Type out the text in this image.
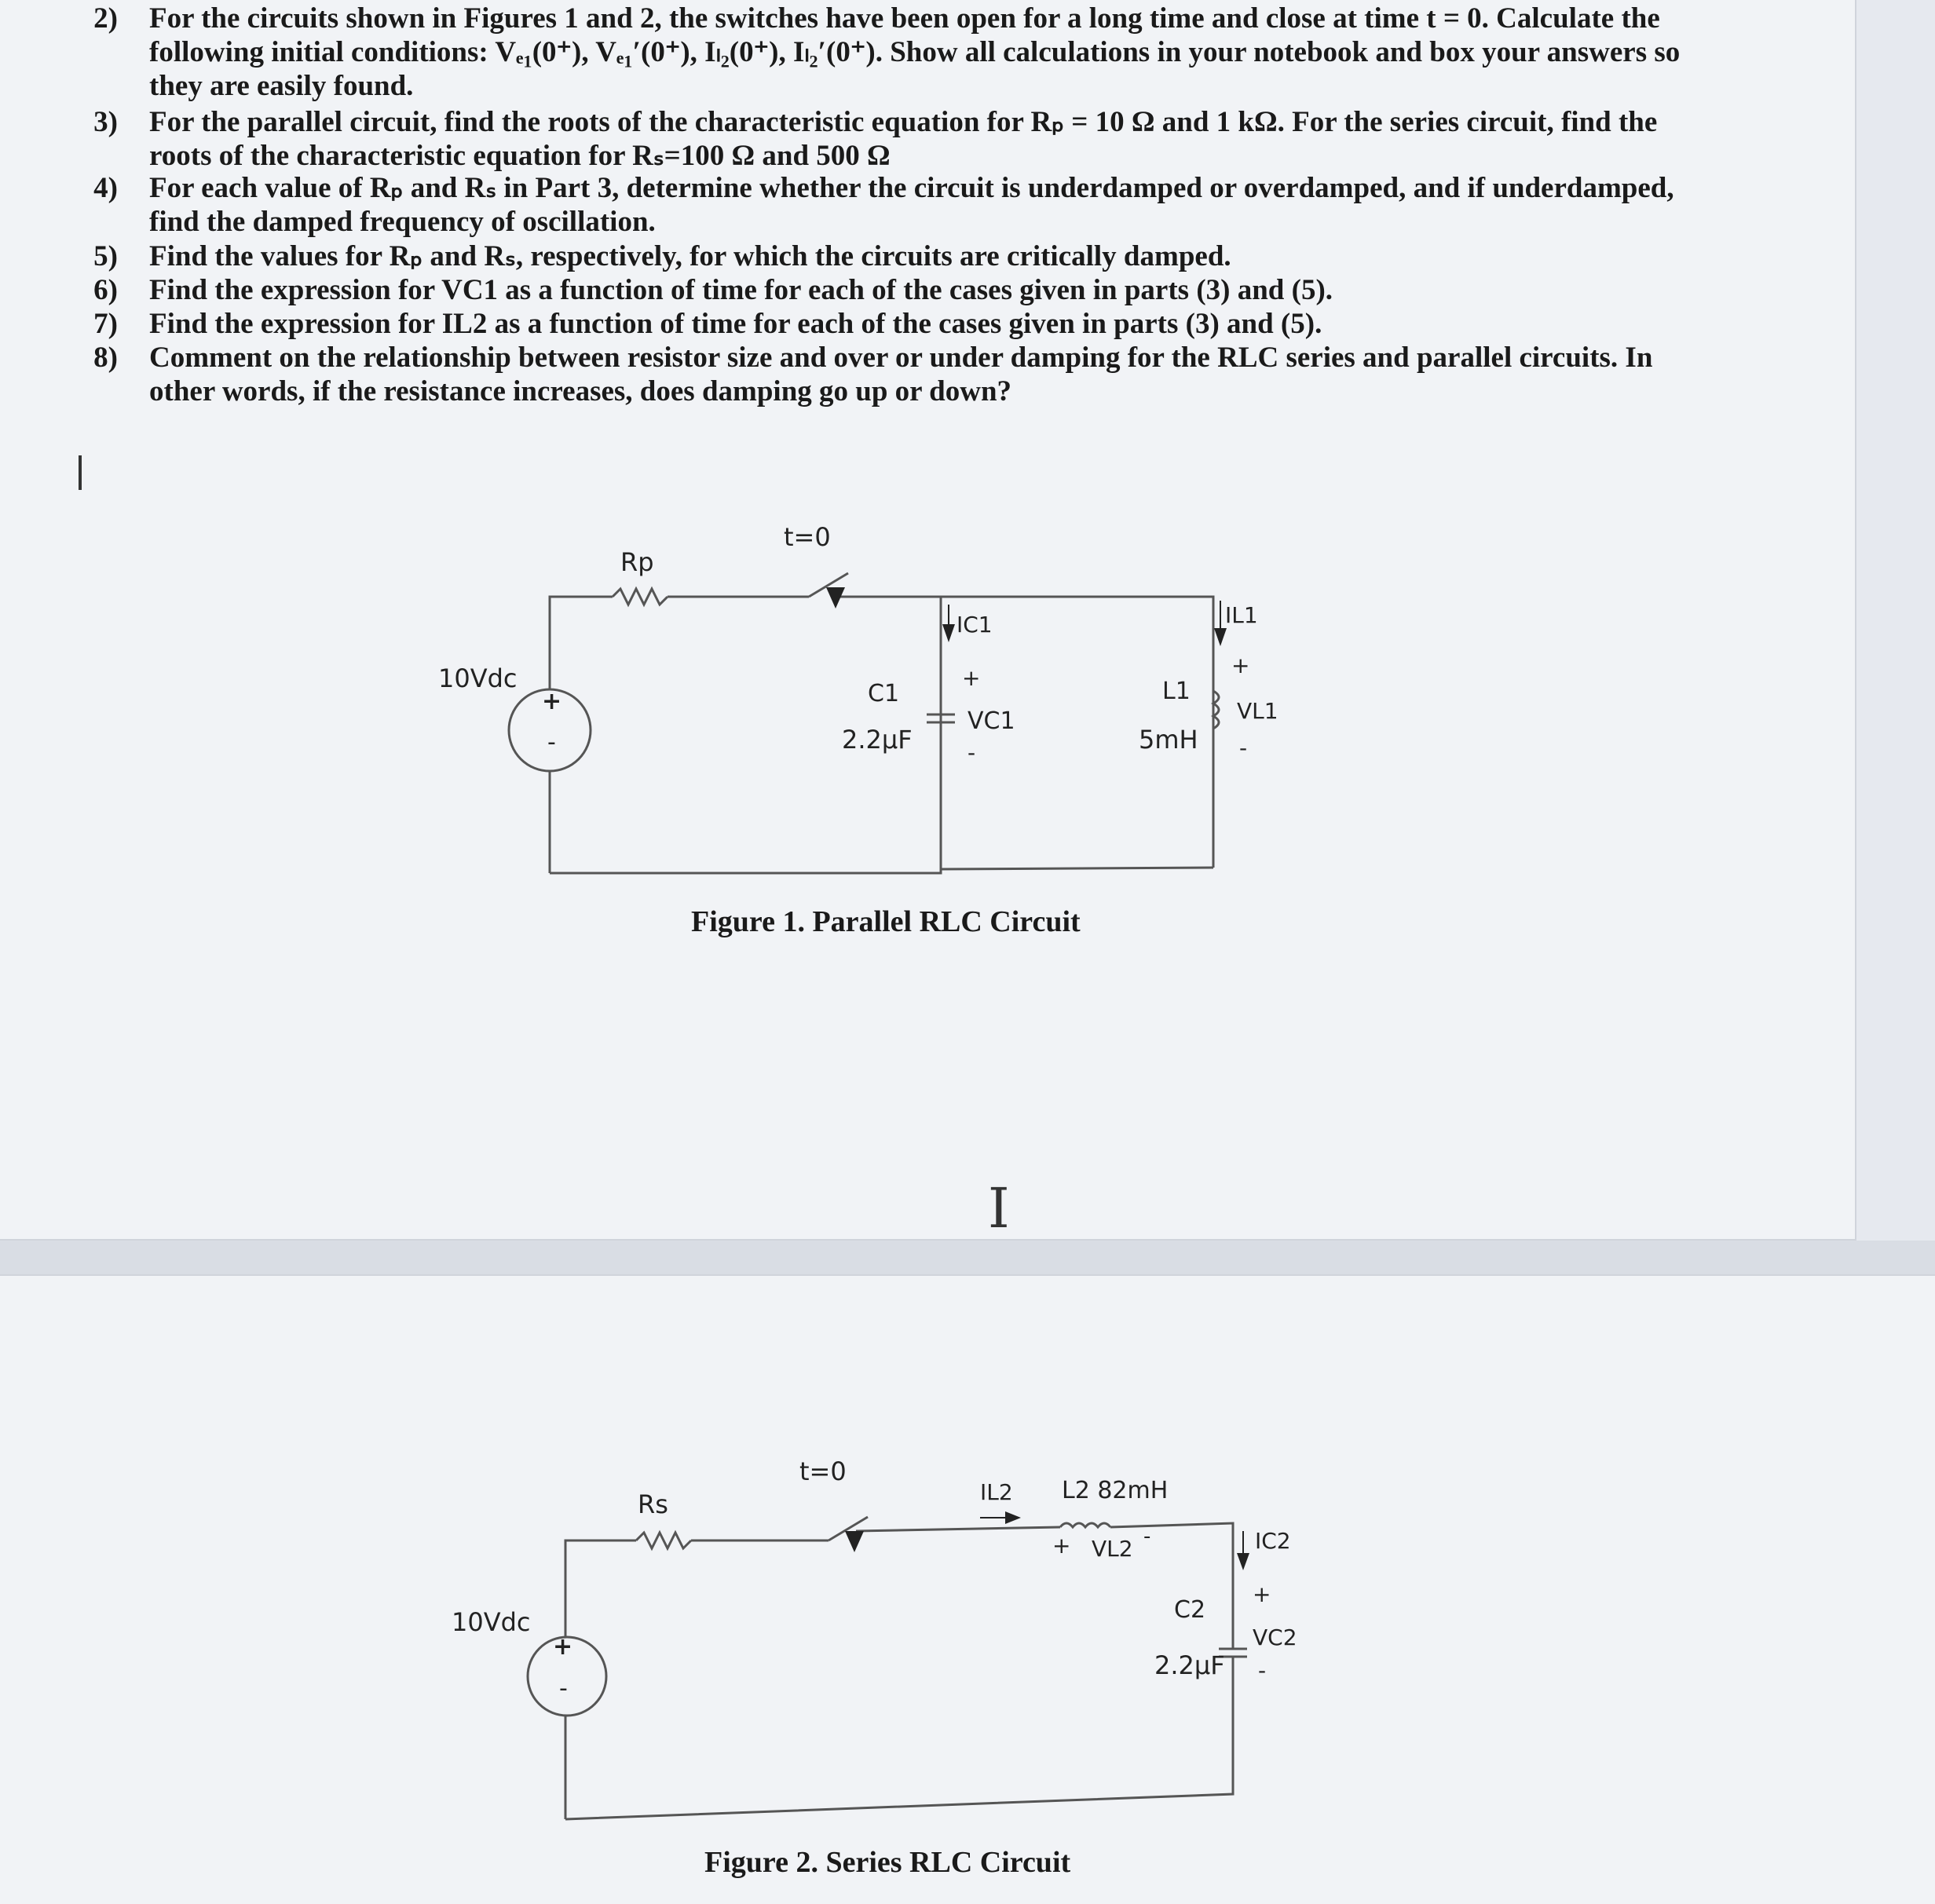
2) For the circuits shown in Figures 1 and 2, the switches have been open for a long time and close at time t = 0. Calculate the following initial conditions: Vₑ₁(0⁺), Vₑ₁′(0⁺), Iₗ₂(0⁺), Iₗ₂′(0⁺). Show all calculations in your notebook and box your answers so they are easily found.
3) For the parallel circuit, find the roots of the characteristic equation for Rₚ = 10 Ω and 1 kΩ. For the series circuit, find the roots of the characteristic equation for Rₛ=100 Ω and 500 Ω
4) For each value of Rₚ and Rₛ in Part 3, determine whether the circuit is underdamped or overdamped, and if underdamped, find the damped frequency of oscillation.
5) Find the values for Rₚ and Rₛ, respectively, for which the circuits are critically damped.
6) Find the expression for VC1 as a function of time for each of the cases given in parts (3) and (5).
7) Find the expression for IL2 as a function of time for each of the cases given in parts (3) and (5).
8) Comment on the relationship between resistor size and over or under damping for the RLC series and parallel circuits. In other words, if the resistance increases, does damping go up or down?
10Vdc
+
-
Rp
t=0
IC1
C1
2.2µF
+
VC1
-
IL1
L1
5mH
+
VL1
-
Figure 1. Parallel RLC Circuit
I
10Vdc
+
-
Rs
t=0
IL2 L2 82mH
+ VL2 -	IC2
+
C2
VC2
2.2µF -
Figure 2. Series RLC Circuit
